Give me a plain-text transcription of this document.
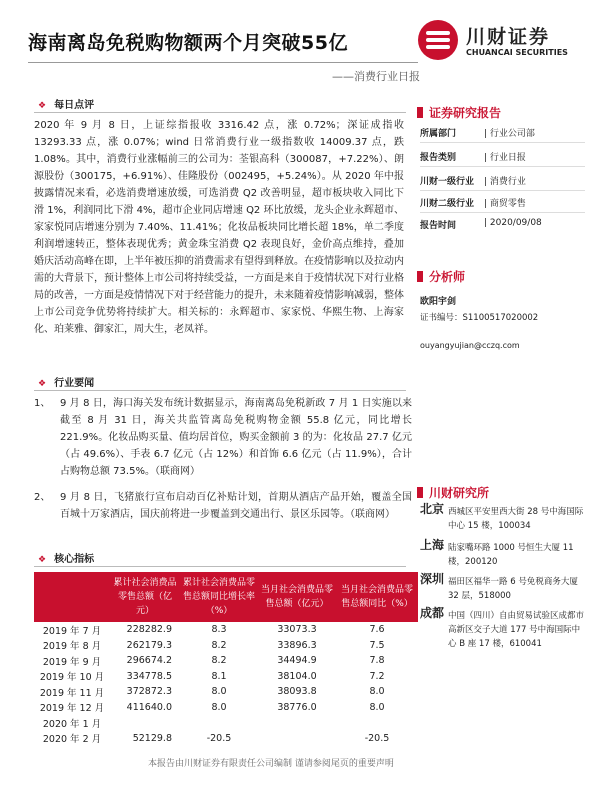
海南离岛免税购物额两个月突破55亿	川财证券
CHUANCAI SECURITIES
——消费行业日报
❖ 每日点评
2020 年 9 月 8 日，上证综指报收 3316.42 点，涨 0.72%；深证成指收 13293.33 点，涨 0.07%；wind 日常消费行业一级指数收 14009.37 点，跌 1.08%。其中，消费行业涨幅前三的公司为：荃银高科（300087，+7.22%）、朗源股份（300175，+6.91%）、佳隆股份（002495，+5.24%）。从 2020 年中报披露情况来看，必选消费增速放缓，可选消费 Q2 改善明显，超市板块收入同比下滑 1%，利润同比下滑 4%，超市企业同店增速 Q2 环比放缓，龙头企业永辉超市、家家悦同店增速分别为 7.40%、11.41%；化妆品板块同比增长超 18%，单二季度利润增速转正，整体表现优秀；黄金珠宝消费 Q2 表现良好，金价高点维持，叠加婚庆活动高峰在即，上半年被压抑的消费需求有望得到释放。在疫情影响以及拉动内需的大背景下，预计整体上市公司将持续受益，一方面是来自于疫情状况下对行业格局的改善，一方面是疫情情况下对于经营能力的提升，未来随着疫情影响减弱，整体上市公司竞争优势将持续扩大。相关标的：永辉超市、家家悦、华熙生物、上海家化、珀莱雅、御家汇，周大生，老凤祥。
❖ 行业要闻
1、 9 月 8 日，海口海关发布统计数据显示，海南离岛免税新政 7 月 1 日实施以来截至 8 月 31 日，海关共监管离岛免税购物金额 55.8 亿元，同比增长 221.9%。化妆品购买量、值均居首位，购买金额前 3 的为：化妆品 27.7 亿元（占 49.6%）、手表 6.7 亿元（占 12%）和首饰 6.6 亿元（占 11.9%），合计占购物总额 73.5%。（联商网）
2、 9 月 8 日，飞猪旅行宣布启动百亿补贴计划，首期从酒店产品开始，覆盖全国百城十万家酒店，国庆前将进一步覆盖到交通出行、景区乐园等。（联商网）
❖ 核心指标
	累计社会消费品零售总额（亿元）	累计社会消费品零售总额同比增长率（%）	当月社会消费品零售总额（亿元）	当月社会消费品零售总额同比（%）
2019 年 7 月	228282.9	8.3	33073.3	7.6
2019 年 8 月	262179.3	8.2	33896.3	7.5
2019 年 9 月	296674.2	8.2	34494.9	7.8
2019 年 10 月	334778.5	8.1	38104.0	7.2
2019 年 11 月	372872.3	8.0	38093.8	8.0
2019 年 12 月	411640.0	8.0	38776.0	8.0
2020 年 1 月				
2020 年 2 月	52129.8	-20.5		-20.5
证券研究报告
所属部门	| 行业公司部
报告类别	| 行业日报
川财一级行业 | 消费行业
川财二级行业 | 商贸零售
报告时间	| 2020/09/08
分析师
欧阳宇剑
证书编号：S1100517020002
ouyangyujian@cczq.com
川财研究所
北京 西城区平安里西大街 28 号中海国际中心 15 楼，100034
上海 陆家嘴环路 1000 号恒生大厦 11 楼，200120
深圳 福田区福华一路 6 号免税商务大厦 32 层，518000
成都 中国（四川）自由贸易试验区成都市高新区交子大道 177 号中海国际中心 B 座 17 楼，610041
本报告由川财证券有限责任公司编制 谨请参阅尾页的重要声明
